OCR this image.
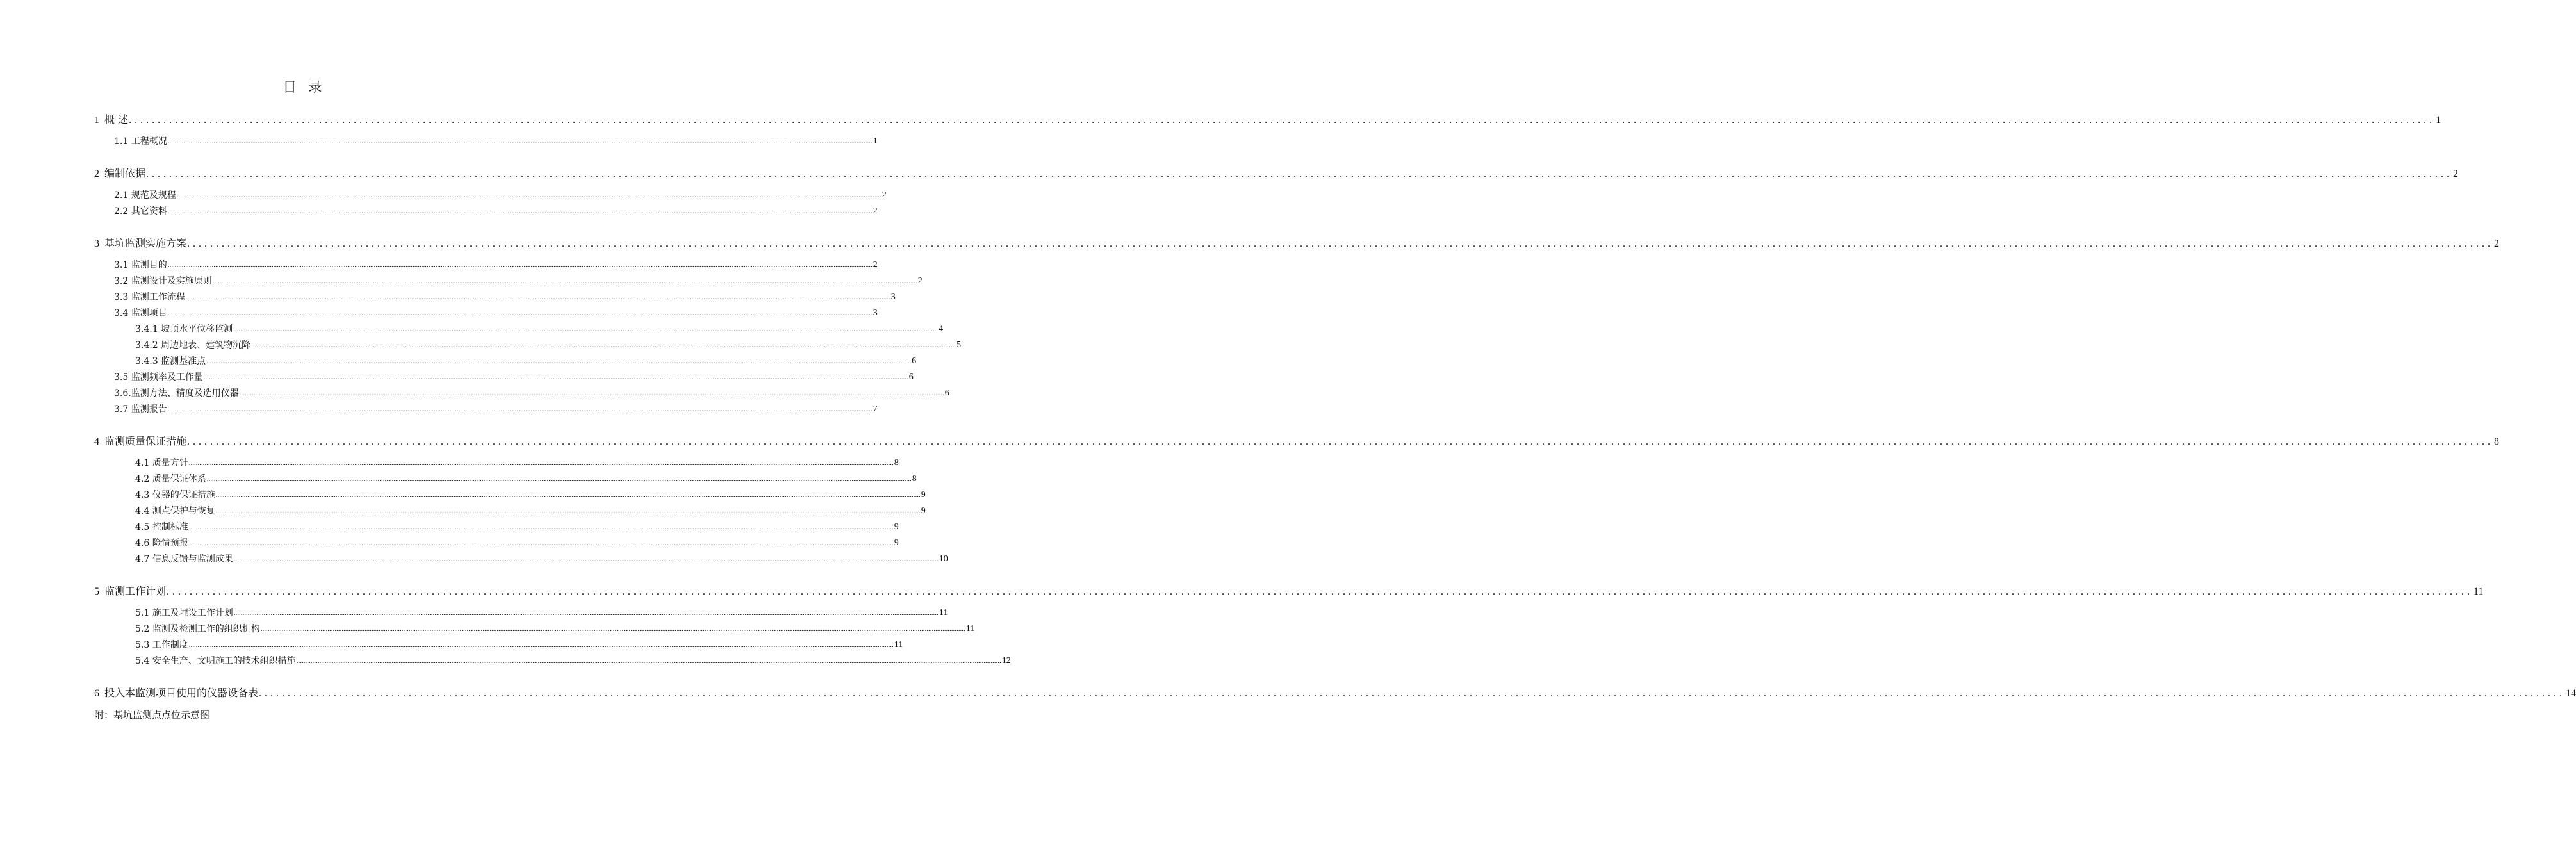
目 录
1 概 述 ................................................................................................................................................................................................................................................................................................................................................................................................................ 1
1.1 工程概况 ................................................................................................................................................................................................................................................................................................................................................................................................................ 1
2 编制依据 ................................................................................................................................................................................................................................................................................................................................................................................................................ 2
2.1 规范及规程 ................................................................................................................................................................................................................................................................................................................................................................................................................ 2
2.2 其它资料 ................................................................................................................................................................................................................................................................................................................................................................................................................ 2
3 基坑监测实施方案 ................................................................................................................................................................................................................................................................................................................................................................................................................ 2
3.1 监测目的 ................................................................................................................................................................................................................................................................................................................................................................................................................ 2
3.2 监测设计及实施原则 ................................................................................................................................................................................................................................................................................................................................................................................................................ 2
3.3 监测工作流程 ................................................................................................................................................................................................................................................................................................................................................................................................................ 3
3.4 监测项目 ................................................................................................................................................................................................................................................................................................................................................................................................................ 3
3.4.1 坡顶水平位移监测 ................................................................................................................................................................................................................................................................................................................................................................................................................ 4
3.4.2 周边地表、建筑物沉降 ................................................................................................................................................................................................................................................................................................................................................................................................................ 5
3.4.3 监测基准点 ................................................................................................................................................................................................................................................................................................................................................................................................................ 6
3.5 监测频率及工作量 ................................................................................................................................................................................................................................................................................................................................................................................................................ 6
3.6.监测方法、精度及选用仪器 ................................................................................................................................................................................................................................................................................................................................................................................................................ 6
3.7 监测报告 ................................................................................................................................................................................................................................................................................................................................................................................................................ 7
4 监测质量保证措施 ................................................................................................................................................................................................................................................................................................................................................................................................................ 8
4.1 质量方针 ................................................................................................................................................................................................................................................................................................................................................................................................................ 8
4.2 质量保证体系 ................................................................................................................................................................................................................................................................................................................................................................................................................ 8
4.3 仪器的保证措施 ................................................................................................................................................................................................................................................................................................................................................................................................................ 9
4.4 测点保护与恢复 ................................................................................................................................................................................................................................................................................................................................................................................................................ 9
4.5 控制标准 ................................................................................................................................................................................................................................................................................................................................................................................................................ 9
4.6 险情预报 ................................................................................................................................................................................................................................................................................................................................................................................................................ 9
4.7 信息反馈与监测成果 ................................................................................................................................................................................................................................................................................................................................................................................................................ 10
5 监测工作计划 ................................................................................................................................................................................................................................................................................................................................................................................................................ 11
5.1 施工及埋设工作计划 ................................................................................................................................................................................................................................................................................................................................................................................................................ 11
5.2 监测及检测工作的组织机构 ................................................................................................................................................................................................................................................................................................................................................................................................................ 11
5.3 工作制度 ................................................................................................................................................................................................................................................................................................................................................................................................................ 11
5.4 安全生产、文明施工的技术组织措施 ................................................................................................................................................................................................................................................................................................................................................................................................................ 12
6 投入本监测项目使用的仪器设备表 ................................................................................................................................................................................................................................................................................................................................................................................................................ 14
附：基坑监测点点位示意图
